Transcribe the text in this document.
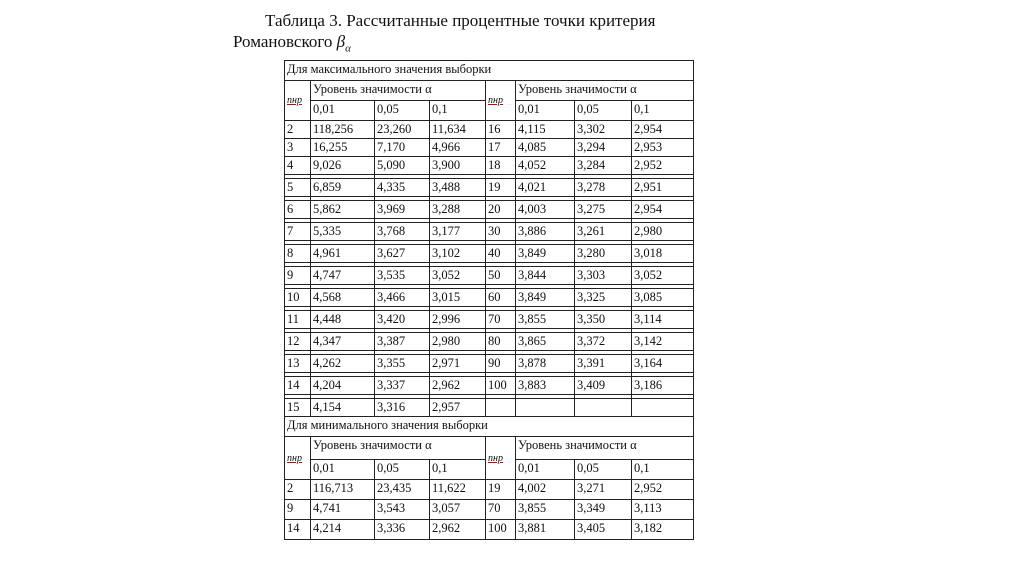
Таблица 3. Рассчитанные процентные точки критерия
Романовского $\beta_\alpha$
Для максимального значения выборки							
nнр	Уровень значимости α			nнр	Уровень значимости α		
	0,01	0,05	0,1		0,01	0,05	0,1
2	118,256	23,260	11,634	16	4,115	3,302	2,954
3	16,255	7,170	4,966	17	4,085	3,294	2,953
4	9,026	5,090	3,900	18	4,052	3,284	2,952

5	6,859	4,335	3,488	19	4,021	3,278	2,951

6	5,862	3,969	3,288	20	4,003	3,275	2,954

7	5,335	3,768	3,177	30	3,886	3,261	2,980

8	4,961	3,627	3,102	40	3,849	3,280	3,018

9	4,747	3,535	3,052	50	3,844	3,303	3,052

10	4,568	3,466	3,015	60	3,849	3,325	3,085

11	4,448	3,420	2,996	70	3,855	3,350	3,114

12	4,347	3,387	2,980	80	3,865	3,372	3,142

13	4,262	3,355	2,971	90	3,878	3,391	3,164

14	4,204	3,337	2,962	100	3,883	3,409	3,186

15	4,154	3,316	2,957				
Для минимального значения выборки							
nнр	Уровень значимости α			nнр	Уровень значимости α		
	0,01	0,05	0,1		0,01	0,05	0,1
2	116,713	23,435	11,622	19	4,002	3,271	2,952
9	4,741	3,543	3,057	70	3,855	3,349	3,113
14	4,214	3,336	2,962	100	3,881	3,405	3,182
